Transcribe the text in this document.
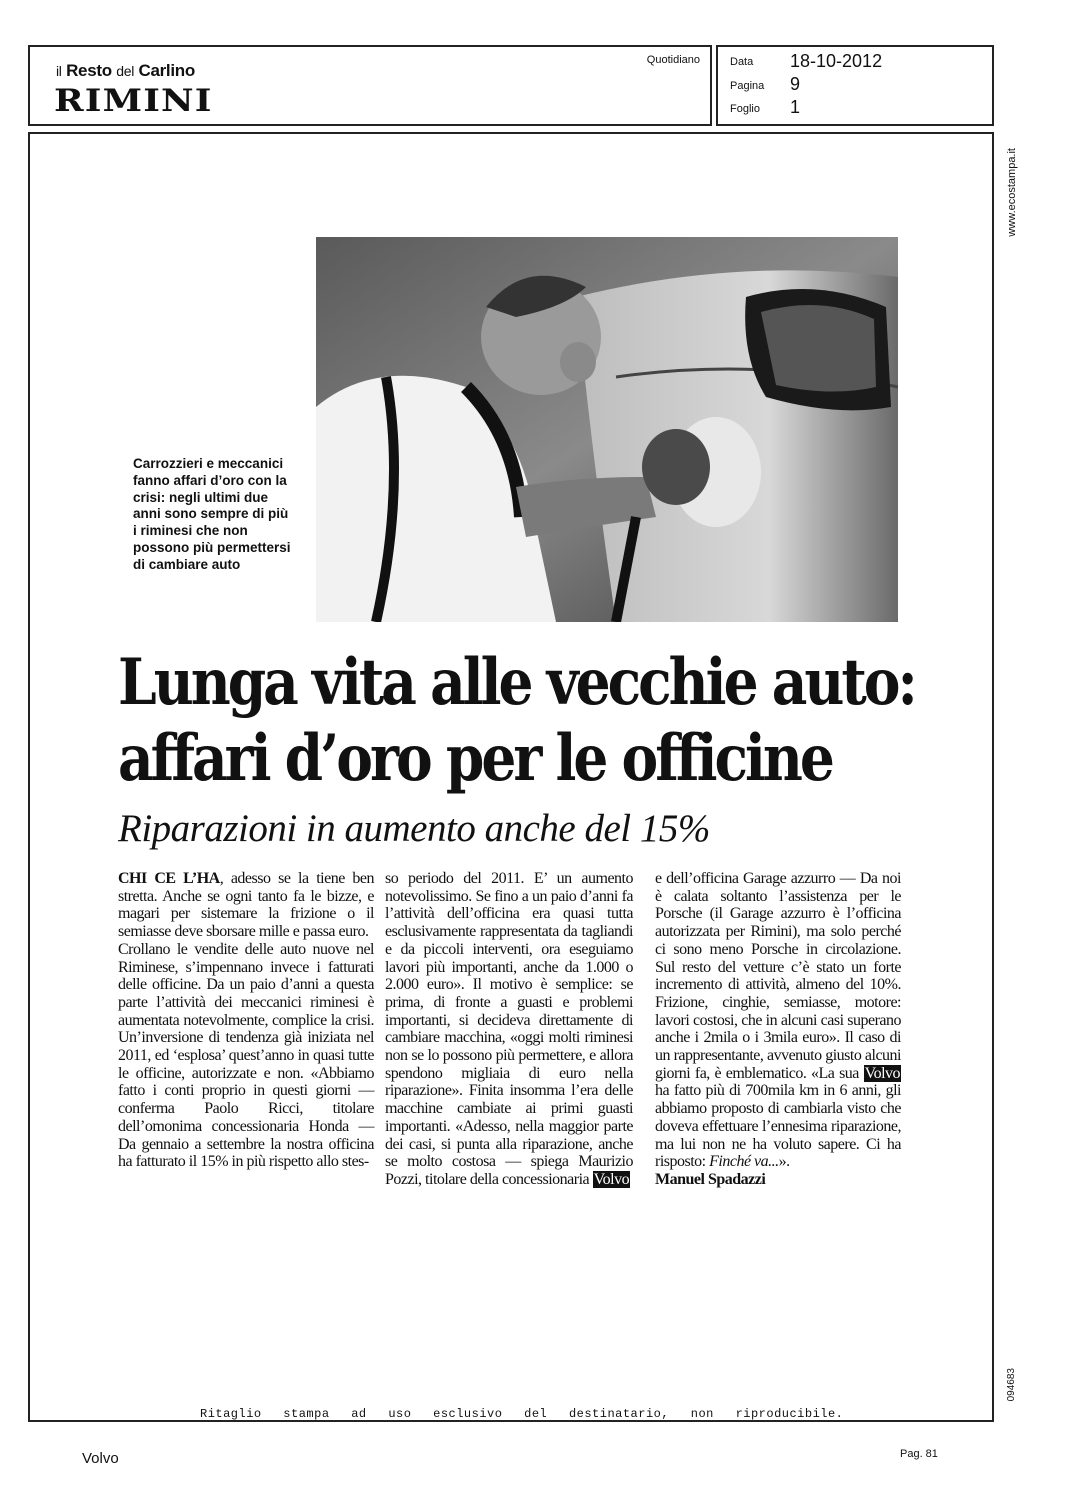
il Resto del Carlino
RIMINI
Quotidiano	Data 18-10-2012
Pagina 9
Foglio 1
www.ecostampa.it
094683
Carrozzieri e meccanici fanno affari d’oro con la crisi: negli ultimi due anni sono sempre di più i riminesi che non possono più permettersi di cambiare auto
Lunga vita alle vecchie auto:
affari d’oro per le officine
Riparazioni in aumento anche del 15%

CHI CE L’HA, adesso se la tiene ben stretta. Anche se ogni tanto fa le bizze, e magari per sistemare la frizione o il semiasse deve sborsare mille e passa euro.

Crollano le vendite delle auto nuove nel Riminese, s’impennano invece i fatturati delle officine. Da un paio d’anni a questa parte l’attività dei meccanici riminesi è aumentata notevolmente, complice la crisi. Un’inversione di tendenza già iniziata nel 2011, ed ‘esplosa’ quest’anno in quasi tutte le officine, autorizzate e non. «Abbiamo fatto i conti proprio in questi giorni — conferma Paolo Ricci, titolare dell’omonima concessionaria Honda — Da gennaio a settembre la nostra officina ha fatturato il 15% in più rispetto allo stes-

so periodo del 2011. E’ un aumento notevolissimo. Se fino a un paio d’anni fa l’attività dell’officina era quasi tutta esclusivamente rappresentata da tagliandi e da piccoli interventi, ora eseguiamo lavori più importanti, anche da 1.000 o 2.000 euro». Il motivo è semplice: se prima, di fronte a guasti e problemi importanti, si decideva direttamente di cambiare macchina, «oggi molti riminesi non se lo possono più permettere, e allora spendono migliaia di euro nella riparazione». Finita insomma l’era delle macchine cambiate ai primi guasti importanti. «Adesso, nella maggior parte dei casi, si punta alla riparazione, anche se molto costosa — spiega Maurizio Pozzi, titolare della concessionaria Volvo

e dell’officina Garage azzurro — Da noi è calata soltanto l’assistenza per le Porsche (il Garage azzurro è l’officina autorizzata per Rimini), ma solo perché ci sono meno Porsche in circolazione. Sul resto del vetture c’è stato un forte incremento di attività, almeno del 10%. Frizione, cinghie, semiasse, motore: lavori costosi, che in alcuni casi superano anche i 2mila o i 3mila euro». Il caso di un rappresentante, avvenuto giusto alcuni giorni fa, è emblematico. «La sua Volvo ha fatto più di 700mila km in 6 anni, gli abbiamo proposto di cambiarla visto che doveva effettuare l’ennesima riparazione, ma lui non ne ha voluto sapere. Ci ha risposto: Finché va...».

Manuel Spadazzi

Ritaglio stampa ad uso esclusivo del destinatario, non riproducibile.
Volvo	Pag. 81
